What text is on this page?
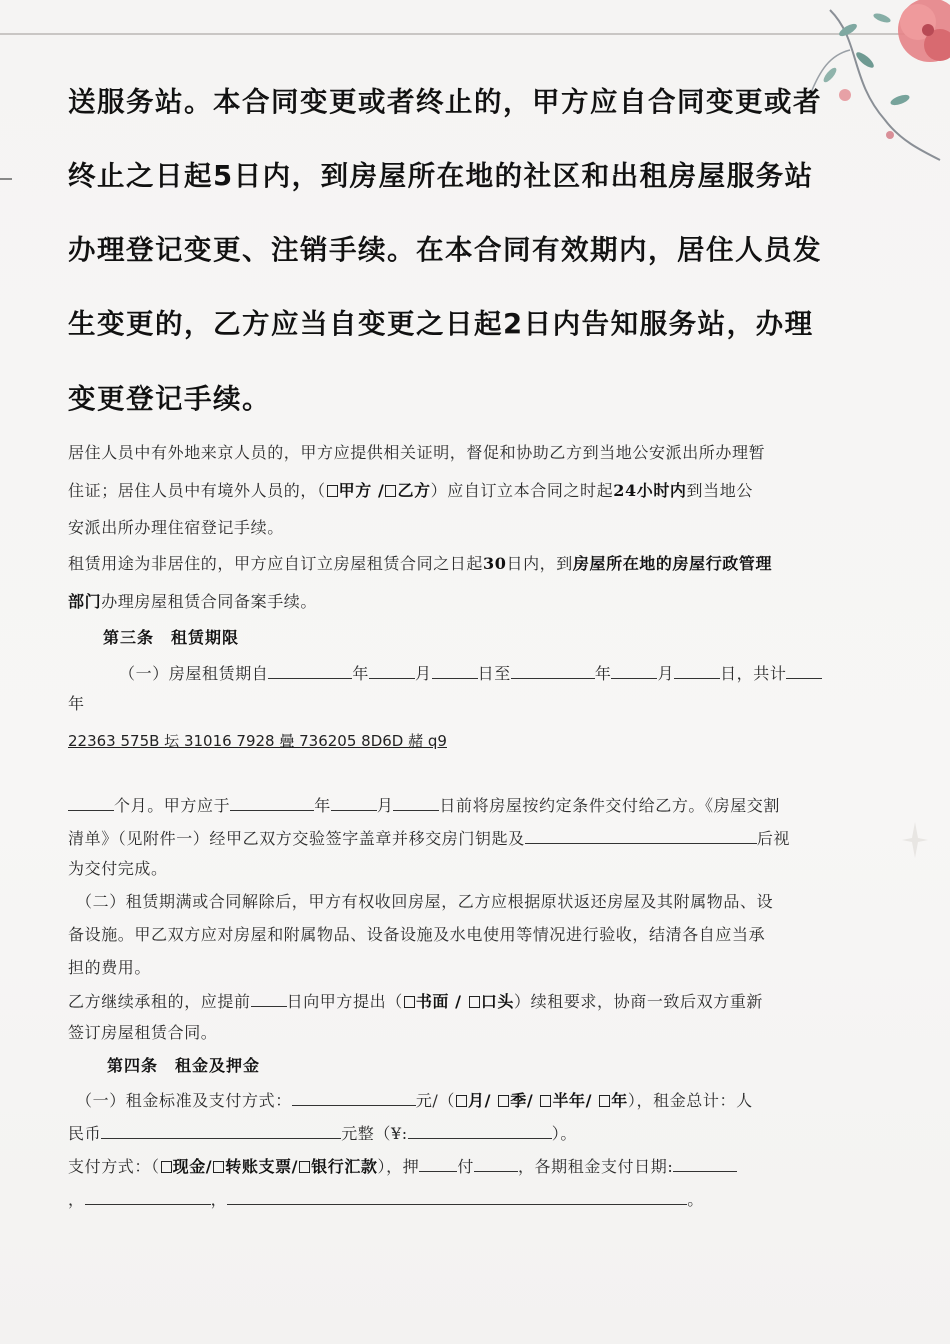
送服务站。本合同变更或者终止的，甲方应自合同变更或者
终止之日起5日内，到房屋所在地的社区和出租房屋服务站
办理登记变更、注销手续。在本合同有效期内，居住人员发
生变更的，乙方应当自变更之日起2日内告知服务站，办理
变更登记手续。
居住人员中有外地来京人员的，甲方应提供相关证明，督促和协助乙方到当地公安派出所办理暂
住证；居住人员中有境外人员的，（ 甲方 / 乙方）应自订立本合同之时起24小时内到当地公
安派出所办理住宿登记手续。
租赁用途为非居住的，甲方应自订立房屋租赁合同之日起30日内，到房屋所在地的房屋行政管理
部门办理房屋租赁合同备案手续。
第三条　租赁期限
（一）房屋租赁期自	年	月	日至	年	月	日，共计
年
22363 575B 坛 31016 7928 曡 736205 8D6D 赭 q9
个月。甲方应于	年	月	日前将房屋按约定条件交付给乙方。《房屋交割
清单》（见附件一）经甲乙双方交验签字盖章并移交房门钥匙及	后视
为交付完成。
（二）租赁期满或合同解除后，甲方有权收回房屋，乙方应根据原状返还房屋及其附属物品、设
备设施。甲乙双方应对房屋和附属物品、设备设施及水电使用等情况进行验收，结清各自应当承
担的费用。
乙方继续承租的，应提前 日向甲方提出（ 书面 / 口头）续租要求，协商一致后双方重新
签订房屋租赁合同。
第四条　租金及押金
（一）租金标准及支付方式：	元/（ 月/ 季/ 半年/ 年），租金总计：人
民币	元整（¥:	）。
支付方式：（ 现金/ 转账支票/ 银行汇款），押 付	，各期租金支付日期:
，	，	。
